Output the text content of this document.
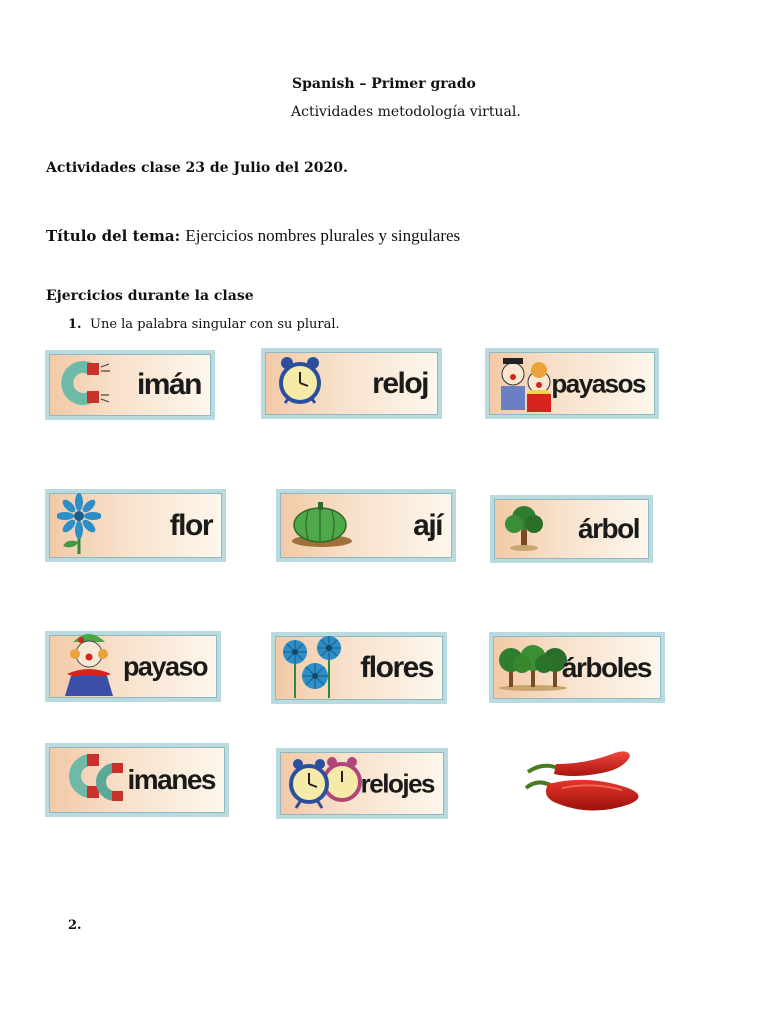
Spanish – Primer grado
Actividades metodología virtual.
Actividades clase 23 de Julio del 2020.
Título del tema: Ejercicios nombres plurales y singulares
Ejercicios durante la clase
1. Une la palabra singular con su plural.
imán	reloj	payasos
flor	ají	árbol
payaso	flores	árboles
imanes	relojes
2.
